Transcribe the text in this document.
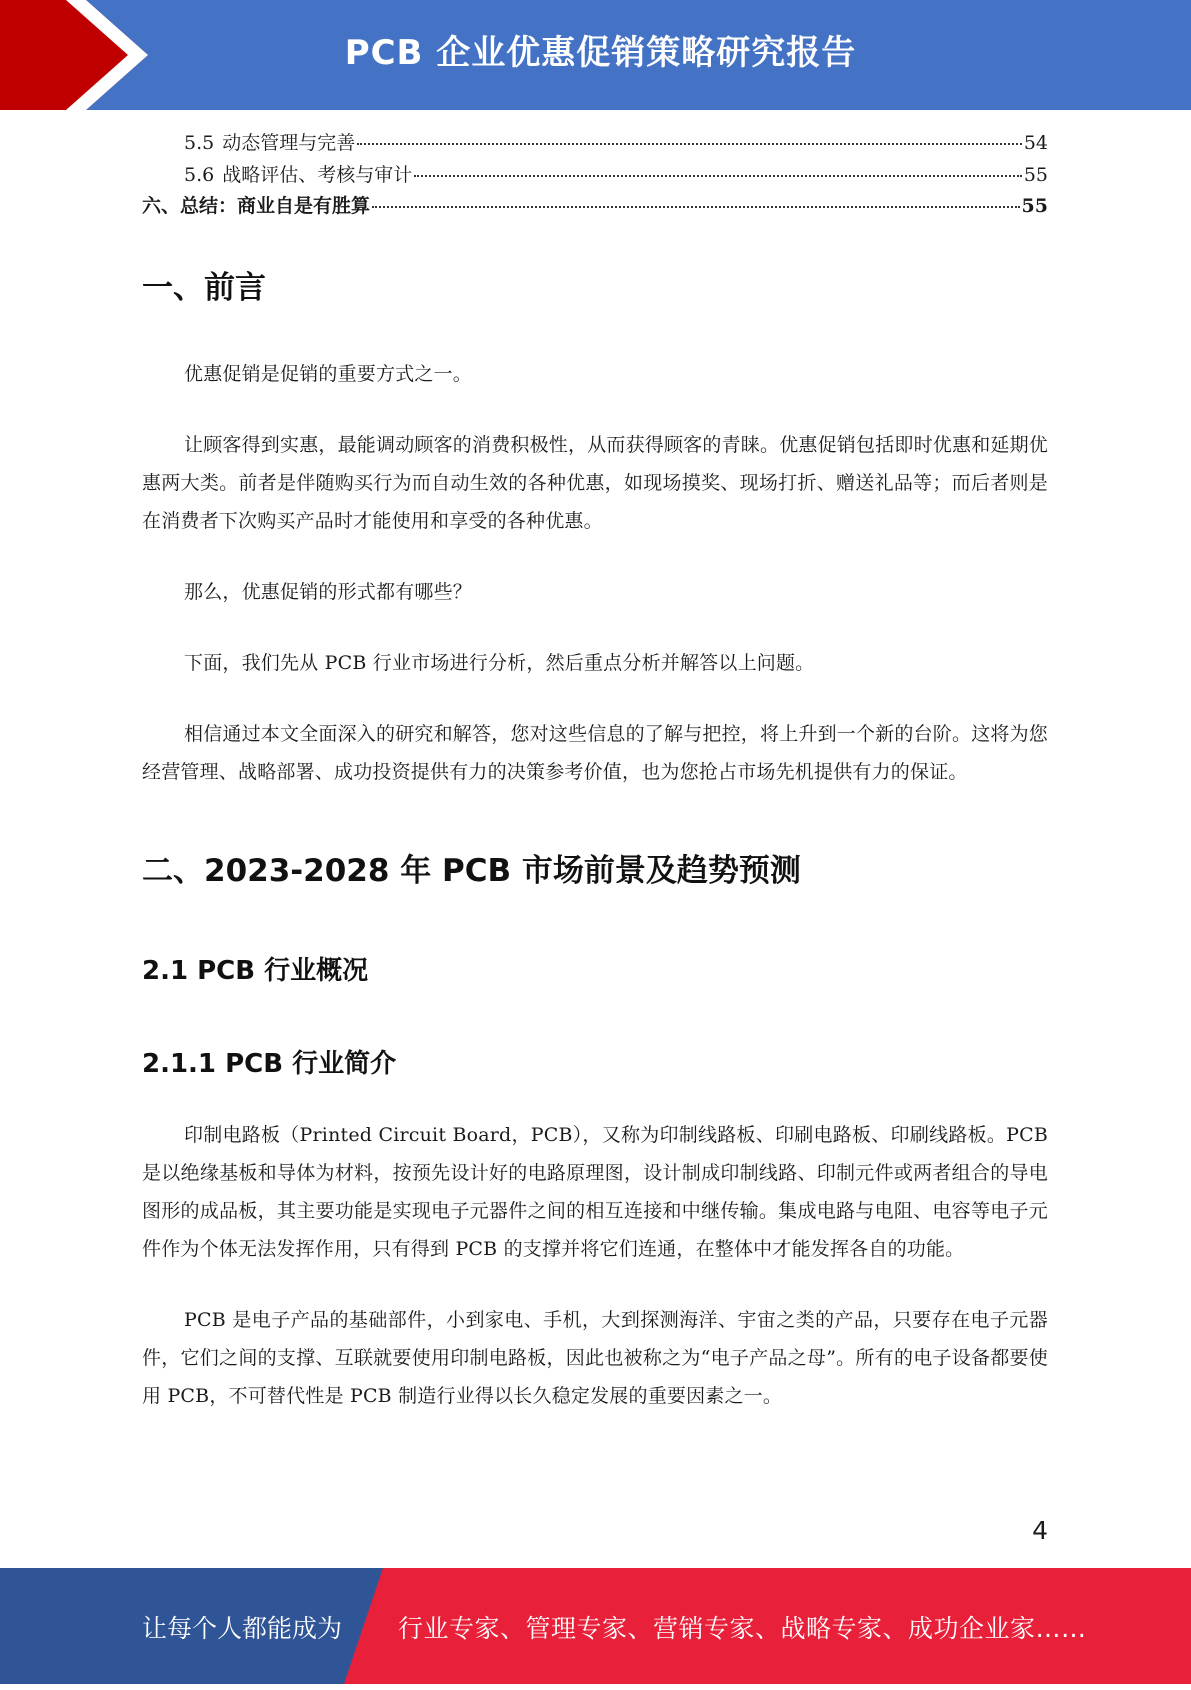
PCB 企业优惠促销策略研究报告
5.5 动态管理与完善	54
5.6 战略评估、考核与审计	55
六、总结：商业自是有胜算	55
一、前言

优惠促销是促销的重要方式之一。

让顾客得到实惠，最能调动顾客的消费积极性，从而获得顾客的青睐。优惠促销包括即时优惠和延期优惠两大类。前者是伴随购买行为而自动生效的各种优惠，如现场摸奖、现场打折、赠送礼品等；而后者则是在消费者下次购买产品时才能使用和享受的各种优惠。

那么，优惠促销的形式都有哪些？

下面，我们先从 PCB 行业市场进行分析，然后重点分析并解答以上问题。

相信通过本文全面深入的研究和解答，您对这些信息的了解与把控，将上升到一个新的台阶。这将为您经营管理、战略部署、成功投资提供有力的决策参考价值，也为您抢占市场先机提供有力的保证。

二、2023-2028 年 PCB 市场前景及趋势预测
2.1 PCB 行业概况
2.1.1 PCB 行业简介

印制电路板（Printed Circuit Board，PCB），又称为印制线路板、印刷电路板、印刷线路板。PCB 是以绝缘基板和导体为材料，按预先设计好的电路原理图，设计制成印制线路、印制元件或两者组合的导电图形的成品板，其主要功能是实现电子元器件之间的相互连接和中继传输。集成电路与电阻、电容等电子元件作为个体无法发挥作用，只有得到 PCB 的支撑并将它们连通，在整体中才能发挥各自的功能。

PCB 是电子产品的基础部件，小到家电、手机，大到探测海洋、宇宙之类的产品，只要存在电子元器件，它们之间的支撑、互联就要使用印制电路板，因此也被称之为“电子产品之母”。所有的电子设备都要使用 PCB，不可替代性是 PCB 制造行业得以长久稳定发展的重要因素之一。

4
让每个人都能成为 行业专家、管理专家、营销专家、战略专家、成功企业家……
